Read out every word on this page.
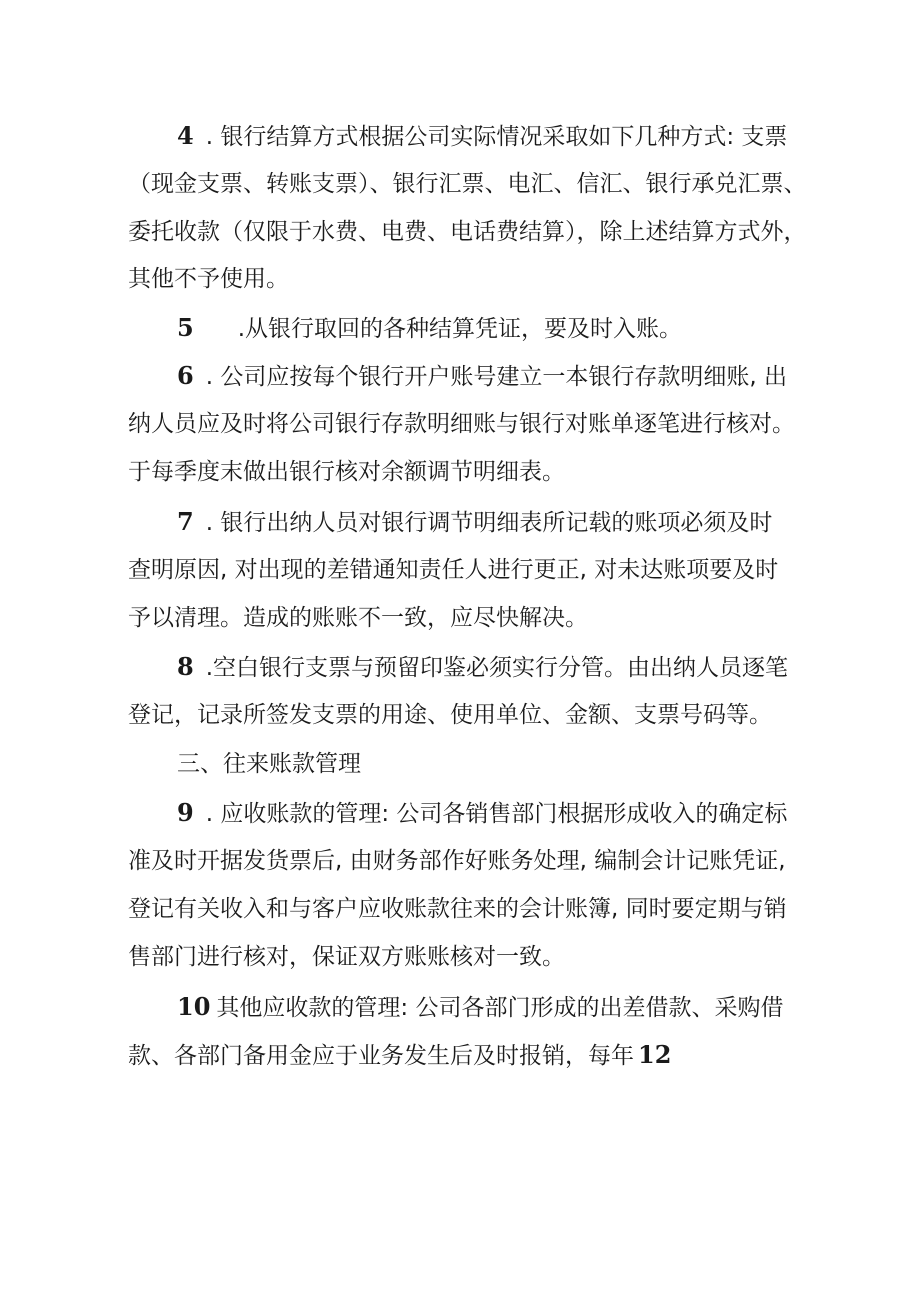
4 . 银行结算方式根据公司实际情况采取如下几种方式: 支票
（现金支票、转账支票）、银行汇票、电汇、信汇、银行承兑汇票、
委托收款（仅限于水费、电费、电话费结算），除上述结算方式外，
其他不予使用。
5 .从银行取回的各种结算凭证，要及时入账。
6 . 公司应按每个银行开户账号建立一本银行存款明细账, 出
纳人员应及时将公司银行存款明细账与银行对账单逐笔进行核对。
于每季度末做出银行核对余额调节明细表。
7 . 银行出纳人员对银行调节明细表所记载的账项必须及时
查明原因, 对出现的差错通知责任人进行更正, 对未达账项要及时
予以清理。造成的账账不一致，应尽快解决。
8 .空白银行支票与预留印鉴必须实行分管。由出纳人员逐笔
登记，记录所签发支票的用途、使用单位、金额、支票号码等。
三、往来账款管理
9 . 应收账款的管理: 公司各销售部门根据形成收入的确定标
准及时开据发货票后, 由财务部作好账务处理, 编制会计记账凭证,
登记有关收入和与客户应收账款往来的会计账簿, 同时要定期与销
售部门进行核对，保证双方账账核对一致。
10 其他应收款的管理: 公司各部门形成的出差借款、采购借
款、各部门备用金应于业务发生后及时报销，每年 12
